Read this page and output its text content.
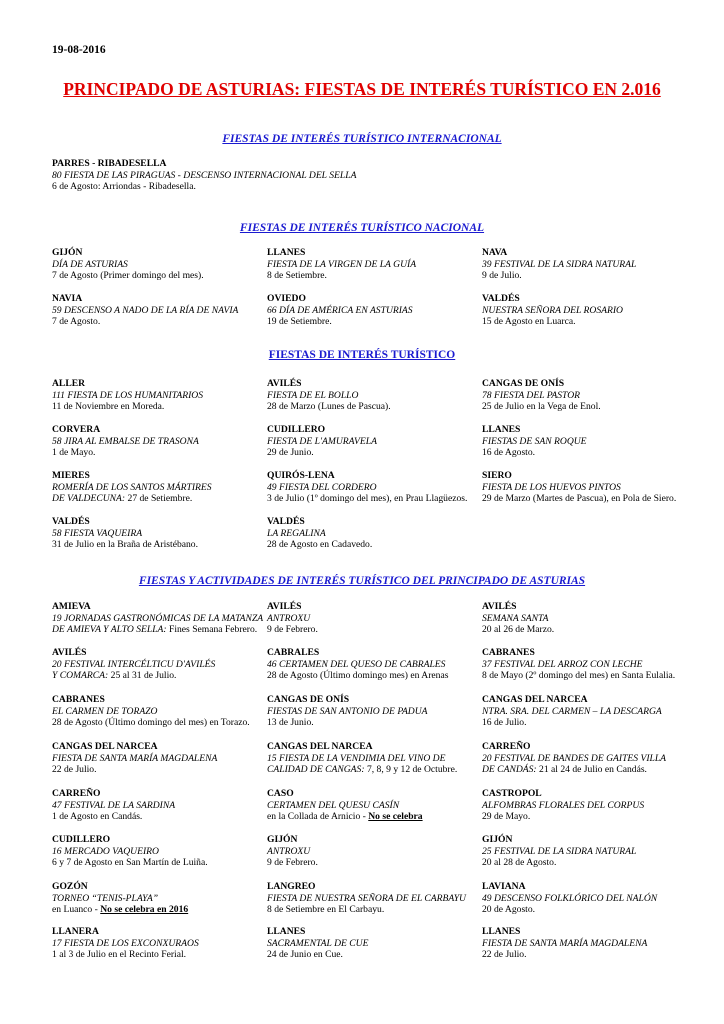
19-08-2016
PRINCIPADO DE ASTURIAS: FIESTAS DE INTERÉS TURÍSTICO EN 2.016
FIESTAS DE INTERÉS TURÍSTICO INTERNACIONAL
FIESTAS DE INTERÉS TURÍSTICO NACIONAL
FIESTAS DE INTERÉS TURÍSTICO
FIESTAS Y ACTIVIDADES DE INTERÉS TURÍSTICO DEL PRINCIPADO DE ASTURIAS
PARRES - RIBADESELLA
80 FIESTA DE LAS PIRAGUAS - DESCENSO INTERNACIONAL DEL SELLA
6 de Agosto: Arriondas - Ribadesella.
GIJÓN
DÍA DE ASTURIAS
7 de Agosto (Primer domingo del mes).
LLANES
FIESTA DE LA VIRGEN DE LA GUÍA
8 de Setiembre.
NAVA
39 FESTIVAL DE LA SIDRA NATURAL
9 de Julio.
NAVIA
59 DESCENSO A NADO DE LA RÍA DE NAVIA
7 de Agosto.
OVIEDO
66 DÍA DE AMÉRICA EN ASTURIAS
19 de Setiembre.
VALDÉS
NUESTRA SEÑORA DEL ROSARIO
15 de Agosto en Luarca.
ALLER
111 FIESTA DE LOS HUMANITARIOS
11 de Noviembre en Moreda.
AVILÉS
FIESTA DE EL BOLLO
28 de Marzo (Lunes de Pascua).
CANGAS DE ONÍS
78 FIESTA DEL PASTOR
25 de Julio en la Vega de Enol.
CORVERA
58 JIRA AL EMBALSE DE TRASONA
1 de Mayo.
CUDILLERO
FIESTA DE L'AMURAVELA
29 de Junio.
LLANES
FIESTAS DE SAN ROQUE
16 de Agosto.
MIERES
ROMERÍA DE LOS SANTOS MÁRTIRES
DE VALDECUNA: 27 de Setiembre.
QUIRÓS-LENA
49 FIESTA DEL CORDERO
3 de Julio (1º domingo del mes), en Prau Llagüezos.
SIERO
FIESTA DE LOS HUEVOS PINTOS
29 de Marzo (Martes de Pascua), en Pola de Siero.
VALDÉS
58 FIESTA VAQUEIRA
31 de Julio en la Braña de Aristébano.
VALDÉS
LA REGALINA
28 de Agosto en Cadavedo.
AMIEVA
19 JORNADAS GASTRONÓMICAS DE LA MATANZA
DE AMIEVA Y ALTO SELLA: Fines Semana Febrero.
AVILÉS
ANTROXU
9 de Febrero.
AVILÉS
SEMANA SANTA
20 al 26 de Marzo.
AVILÉS
20 FESTIVAL INTERCÉLTICU D'AVILÉS
Y COMARCA: 25 al 31 de Julio.
CABRALES
46 CERTAMEN DEL QUESO DE CABRALES
28 de Agosto (Último domingo mes) en Arenas
CABRANES
37 FESTIVAL DEL ARROZ CON LECHE
8 de Mayo (2º domingo del mes) en Santa Eulalia.
CABRANES
EL CARMEN DE TORAZO
28 de Agosto (Último domingo del mes) en Torazo.
CANGAS DE ONÍS
FIESTAS DE SAN ANTONIO DE PADUA
13 de Junio.
CANGAS DEL NARCEA
NTRA. SRA. DEL CARMEN – LA DESCARGA
16 de Julio.
CANGAS DEL NARCEA
FIESTA DE SANTA MARÍA MAGDALENA
22 de Julio.
CANGAS DEL NARCEA
15 FIESTA DE LA VENDIMIA DEL VINO DE
CALIDAD DE CANGAS: 7, 8, 9 y 12 de Octubre.
CARREÑO
20 FESTIVAL DE BANDES DE GAITES VILLA
DE CANDÁS: 21 al 24 de Julio en Candás.
CARREÑO
47 FESTIVAL DE LA SARDINA
1 de Agosto en Candás.
CASO
CERTAMEN DEL QUESU CASÍN
en la Collada de Arnicio - No se celebra
CASTROPOL
ALFOMBRAS FLORALES DEL CORPUS
29 de Mayo.
CUDILLERO
16 MERCADO VAQUEIRO
6 y 7 de Agosto en San Martín de Luiña.
GIJÓN
ANTROXU
9 de Febrero.
GIJÓN
25 FESTIVAL DE LA SIDRA NATURAL
20 al 28 de Agosto.
GOZÓN
TORNEO “TENIS-PLAYA”
en Luanco - No se celebra en 2016
LANGREO
FIESTA DE NUESTRA SEÑORA DE EL CARBAYU
8 de Setiembre en El Carbayu.
LAVIANA
49 DESCENSO FOLKLÓRICO DEL NALÓN
20 de Agosto.
LLANERA
17 FIESTA DE LOS EXCONXURAOS
1 al 3 de Julio en el Recinto Ferial.
LLANES
SACRAMENTAL DE CUE
24 de Junio en Cue.
LLANES
FIESTA DE SANTA MARÍA MAGDALENA
22 de Julio.
